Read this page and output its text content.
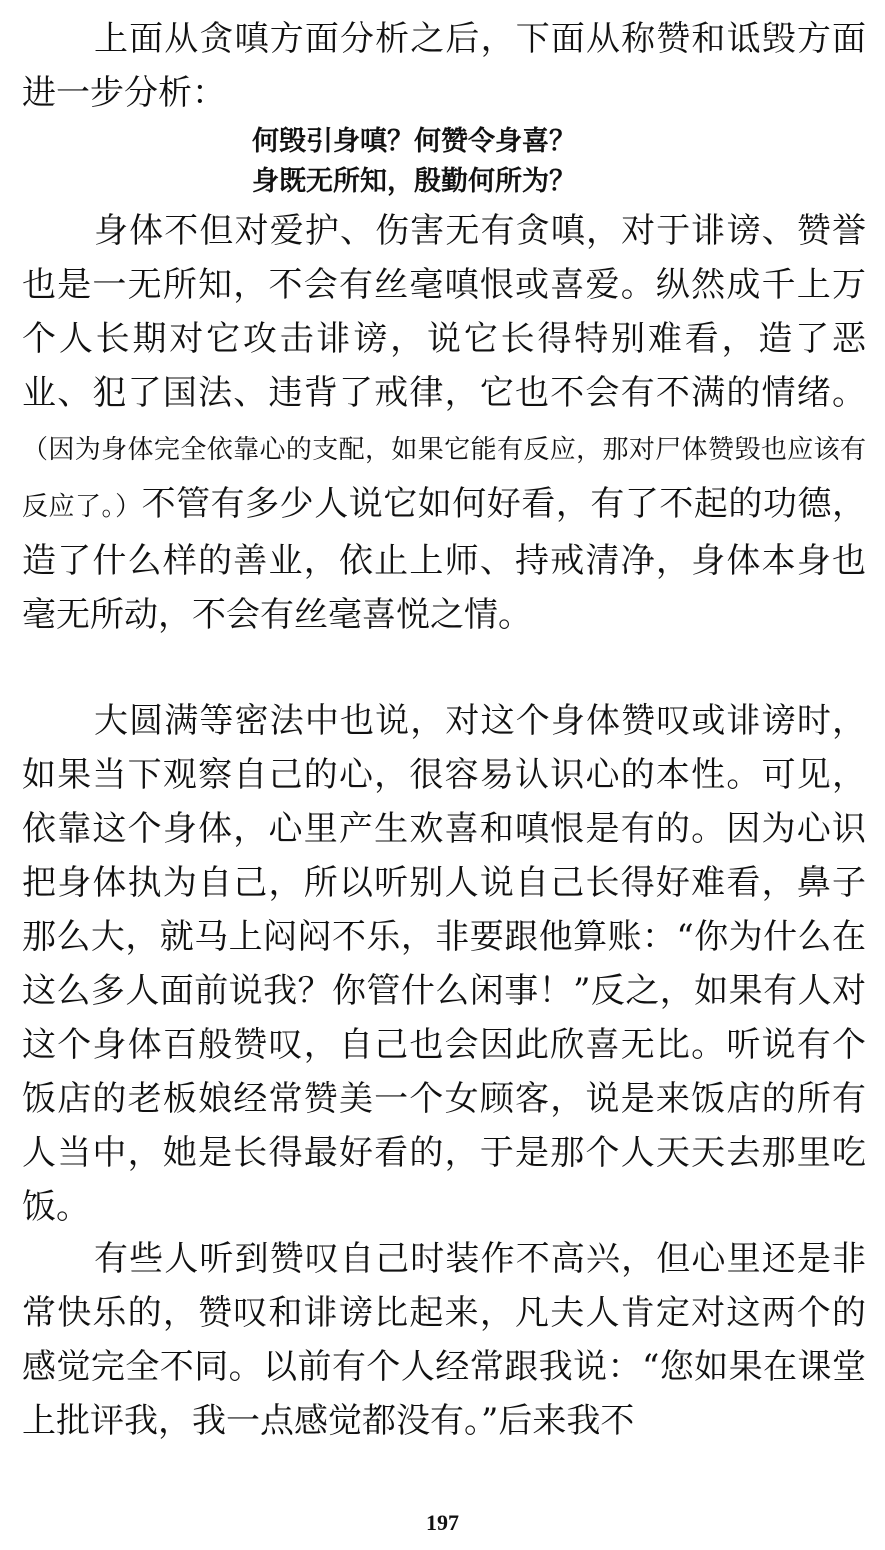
上面从贪嗔方面分析之后，下面从称赞和诋毁方面进一步分析：

何毁引身嗔？何赞令身喜？
身既无所知，殷勤何所为？

身体不但对爱护、伤害无有贪嗔，对于诽谤、赞誉也是一无所知，不会有丝毫嗔恨或喜爱。纵然成千上万个人长期对它攻击诽谤，说它长得特别难看，造了恶业、犯了国法、违背了戒律，它也不会有不满的情绪。（因为身体完全依靠心的支配，如果它能有反应，那对尸体赞毁也应该有反应了。）不管有多少人说它如何好看，有了不起的功德，造了什么样的善业，依止上师、持戒清净，身体本身也毫无所动，不会有丝毫喜悦之情。

大圆满等密法中也说，对这个身体赞叹或诽谤时，如果当下观察自己的心，很容易认识心的本性。可见，依靠这个身体，心里产生欢喜和嗔恨是有的。因为心识把身体执为自己，所以听别人说自己长得好难看，鼻子那么大，就马上闷闷不乐，非要跟他算账：“你为什么在这么多人面前说我？你管什么闲事！”反之，如果有人对这个身体百般赞叹，自己也会因此欣喜无比。听说有个饭店的老板娘经常赞美一个女顾客，说是来饭店的所有人当中，她是长得最好看的，于是那个人天天去那里吃饭。

有些人听到赞叹自己时装作不高兴，但心里还是非常快乐的，赞叹和诽谤比起来，凡夫人肯定对这两个的感觉完全不同。以前有个人经常跟我说：“您如果在课堂上批评我，我一点感觉都没有。”后来我不

197
